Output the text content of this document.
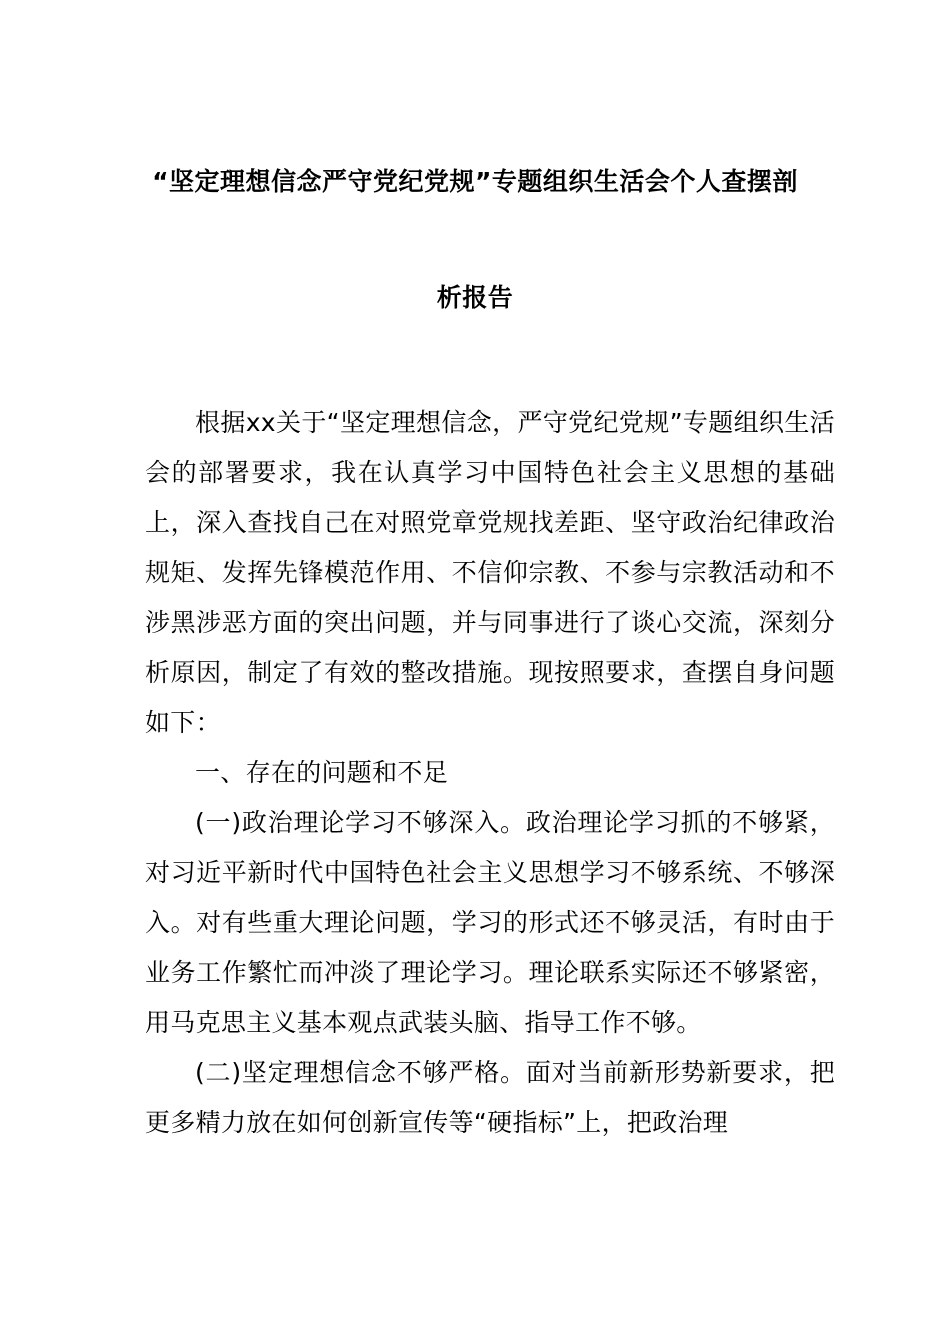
“坚定理想信念严守党纪党规”专题组织生活会个人查摆剖
析报告

根据xx关于“坚定理想信念，严守党纪党规”专题组织生活会的部署要求，我在认真学习中国特色社会主义思想的基础上，深入查找自己在对照党章党规找差距、坚守政治纪律政治规矩、发挥先锋模范作用、不信仰宗教、不参与宗教活动和不涉黑涉恶方面的突出问题，并与同事进行了谈心交流，深刻分析原因，制定了有效的整改措施。现按照要求，查摆自身问题如下：

一、存在的问题和不足

(一)政治理论学习不够深入。政治理论学习抓的不够紧，对习近平新时代中国特色社会主义思想学习不够系统、不够深入。对有些重大理论问题，学习的形式还不够灵活，有时由于业务工作繁忙而冲淡了理论学习。理论联系实际还不够紧密，用马克思主义基本观点武装头脑、指导工作不够。

(二)坚定理想信念不够严格。面对当前新形势新要求，把更多精力放在如何创新宣传等“硬指标”上，把政治理
